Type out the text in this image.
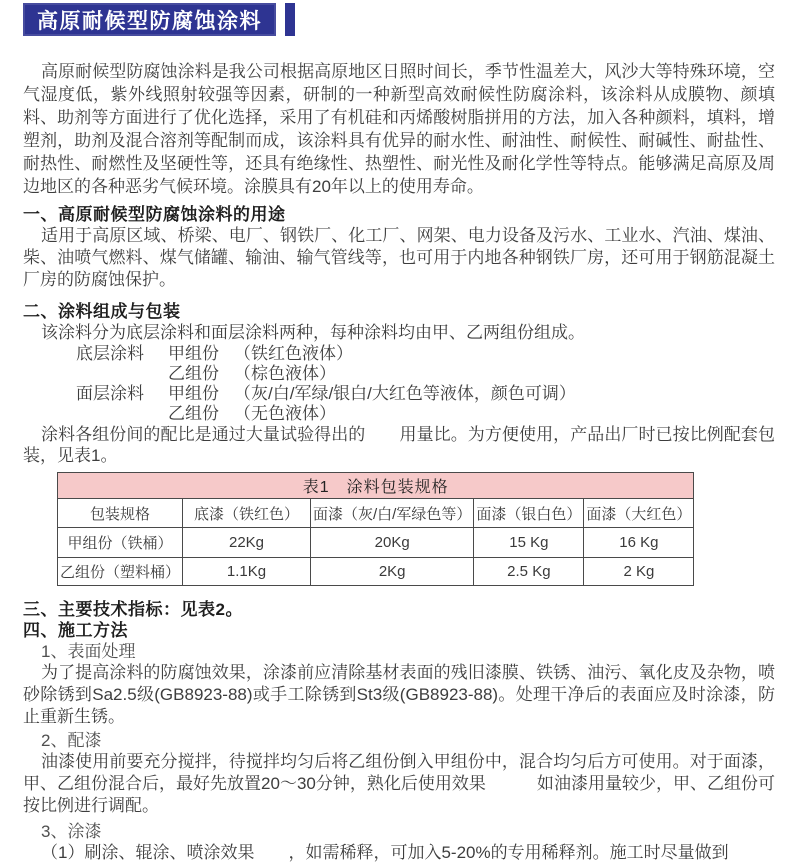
高原耐候型防腐蚀涂料

高原耐候型防腐蚀涂料是我公司根据高原地区日照时间长，季节性温差大，风沙大等特殊环境，空气湿度低，紫外线照射较强等因素，研制的一种新型高效耐候性防腐涂料，该涂料从成膜物、颜填料、助剂等方面进行了优化选择，采用了有机硅和丙烯酸树脂拼用的方法，加入各种颜料，填料，增塑剂，助剂及混合溶剂等配制而成，该涂料具有优异的耐水性、耐油性、耐候性、耐碱性、耐盐性、耐热性、耐燃性及坚硬性等，还具有绝缘性、热塑性、耐光性及耐化学性等特点。能够满足高原及周边地区的各种恶劣气候环境。涂膜具有20年以上的使用寿命。

一、高原耐候型防腐蚀涂料的用途

适用于高原区域、桥梁、电厂、钢铁厂、化工厂、网架、电力设备及污水、工业水、汽油、煤油、柴、油喷气燃料、煤气储罐、输油、输气管线等，也可用于内地各种钢铁厂房，还可用于钢筋混凝土厂房的防腐蚀保护。

二、涂料组成与包装

该涂料分为底层涂料和面层涂料两种，每种涂料均由甲、乙两组份组成。

底层涂料	甲组份 （铁红色液体）
乙组份 （棕色液体）
面层涂料	甲组份 （灰/白/军绿/银白/大红色等液体，颜色可调）
乙组份 （无色液体）

涂料各组份间的配比是通过大量试验得出的　　用量比。为方便使用，产品出厂时已按比例配套包装，见表1。

表1　涂料包装规格				
包装规格	底漆（铁红色）	面漆（灰/白/军绿色等）	面漆（银白色）	面漆（大红色）
甲组份（铁桶）	22Kg	20Kg	15 Kg	16 Kg
乙组份（塑料桶）	1.1Kg	2Kg	2.5 Kg	2 Kg
三、主要技术指标：见表2。
四、施工方法
1、表面处理

为了提高涂料的防腐蚀效果，涂漆前应清除基材表面的残旧漆膜、铁锈、油污、氧化皮及杂物，喷砂除锈到Sa2.5级(GB8923-88)或手工除锈到St3级(GB8923-88)。处理干净后的表面应及时涂漆，防止重新生锈。

2、配漆

油漆使用前要充分搅拌，待搅拌均匀后将乙组份倒入甲组份中，混合均匀后方可使用。对于面漆，甲、乙组份混合后，最好先放置20～30分钟，熟化后使用效果　　　如油漆用量较少，甲、乙组份可按比例进行调配。

3、涂漆

（1）刷涂、辊涂、喷涂效果　　，如需稀释，可加入5-20%的专用稀释剂。施工时尽量做到
